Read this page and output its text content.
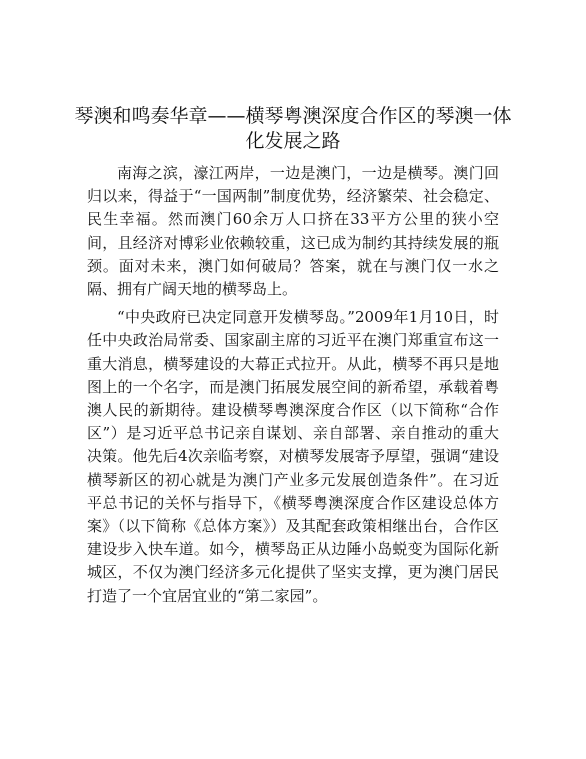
琴澳和鸣奏华章——横琴粤澳深度合作区的琴澳一体化发展之路

南海之滨，濠江两岸，一边是澳门，一边是横琴。澳门回归以来，得益于“一国两制”制度优势，经济繁荣、社会稳定、民生幸福。然而澳门60余万人口挤在33平方公里的狭小空间，且经济对博彩业依赖较重，这已成为制约其持续发展的瓶颈。面对未来，澳门如何破局？答案，就在与澳门仅一水之隔、拥有广阔天地的横琴岛上。

“中央政府已决定同意开发横琴岛。”2009年1月10日，时任中央政治局常委、国家副主席的习近平在澳门郑重宣布这一重大消息，横琴建设的大幕正式拉开。从此，横琴不再只是地图上的一个名字，而是澳门拓展发展空间的新希望，承载着粤澳人民的新期待。建设横琴粤澳深度合作区（以下简称“合作区”）是习近平总书记亲自谋划、亲自部署、亲自推动的重大决策。他先后4次亲临考察，对横琴发展寄予厚望，强调“建设横琴新区的初心就是为澳门产业多元发展创造条件”。在习近平总书记的关怀与指导下，《横琴粤澳深度合作区建设总体方案》（以下简称《总体方案》）及其配套政策相继出台，合作区建设步入快车道。如今，横琴岛正从边陲小岛蜕变为国际化新城区，不仅为澳门经济多元化提供了坚实支撑，更为澳门居民打造了一个宜居宜业的“第二家园”。
